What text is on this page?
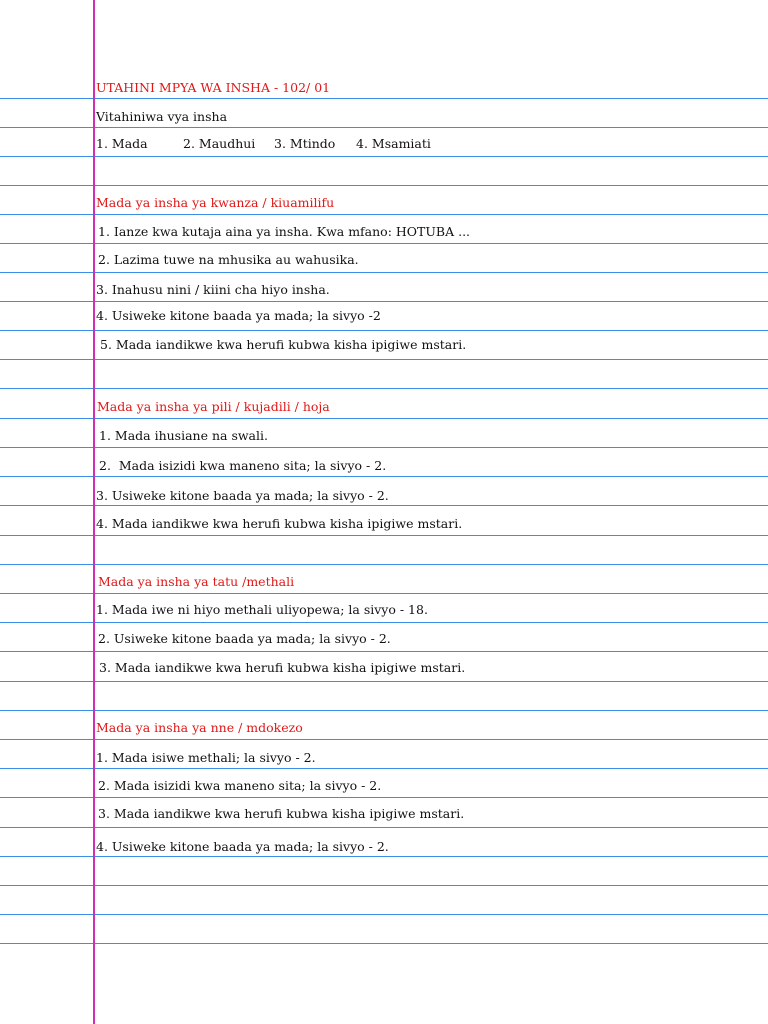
UTAHINI MPYA WA INSHA - 102/ 01
Vitahiniwa vya insha
1. Mada	2. Maudhui 3. Mtindo 4. Msamiati
Mada ya insha ya kwanza / kiuamilifu
1. Ianze kwa kutaja aina ya insha. Kwa mfano: HOTUBA ...
2. Lazima tuwe na mhusika au wahusika.
3. Inahusu nini / kiini cha hiyo insha.
4. Usiweke kitone baada ya mada; la sivyo -2
5. Mada iandikwe kwa herufi kubwa kisha ipigiwe mstari.
Mada ya insha ya pili / kujadili / hoja
1. Mada ihusiane na swali.
2.  Mada isizidi kwa maneno sita; la sivyo - 2.
3. Usiweke kitone baada ya mada; la sivyo - 2.
4. Mada iandikwe kwa herufi kubwa kisha ipigiwe mstari.
Mada ya insha ya tatu /methali
1. Mada iwe ni hiyo methali uliyopewa; la sivyo - 18.
2. Usiweke kitone baada ya mada; la sivyo - 2.
3. Mada iandikwe kwa herufi kubwa kisha ipigiwe mstari.
Mada ya insha ya nne / mdokezo
1. Mada isiwe methali; la sivyo - 2.
2. Mada isizidi kwa maneno sita; la sivyo - 2.
3. Mada iandikwe kwa herufi kubwa kisha ipigiwe mstari.
4. Usiweke kitone baada ya mada; la sivyo - 2.
